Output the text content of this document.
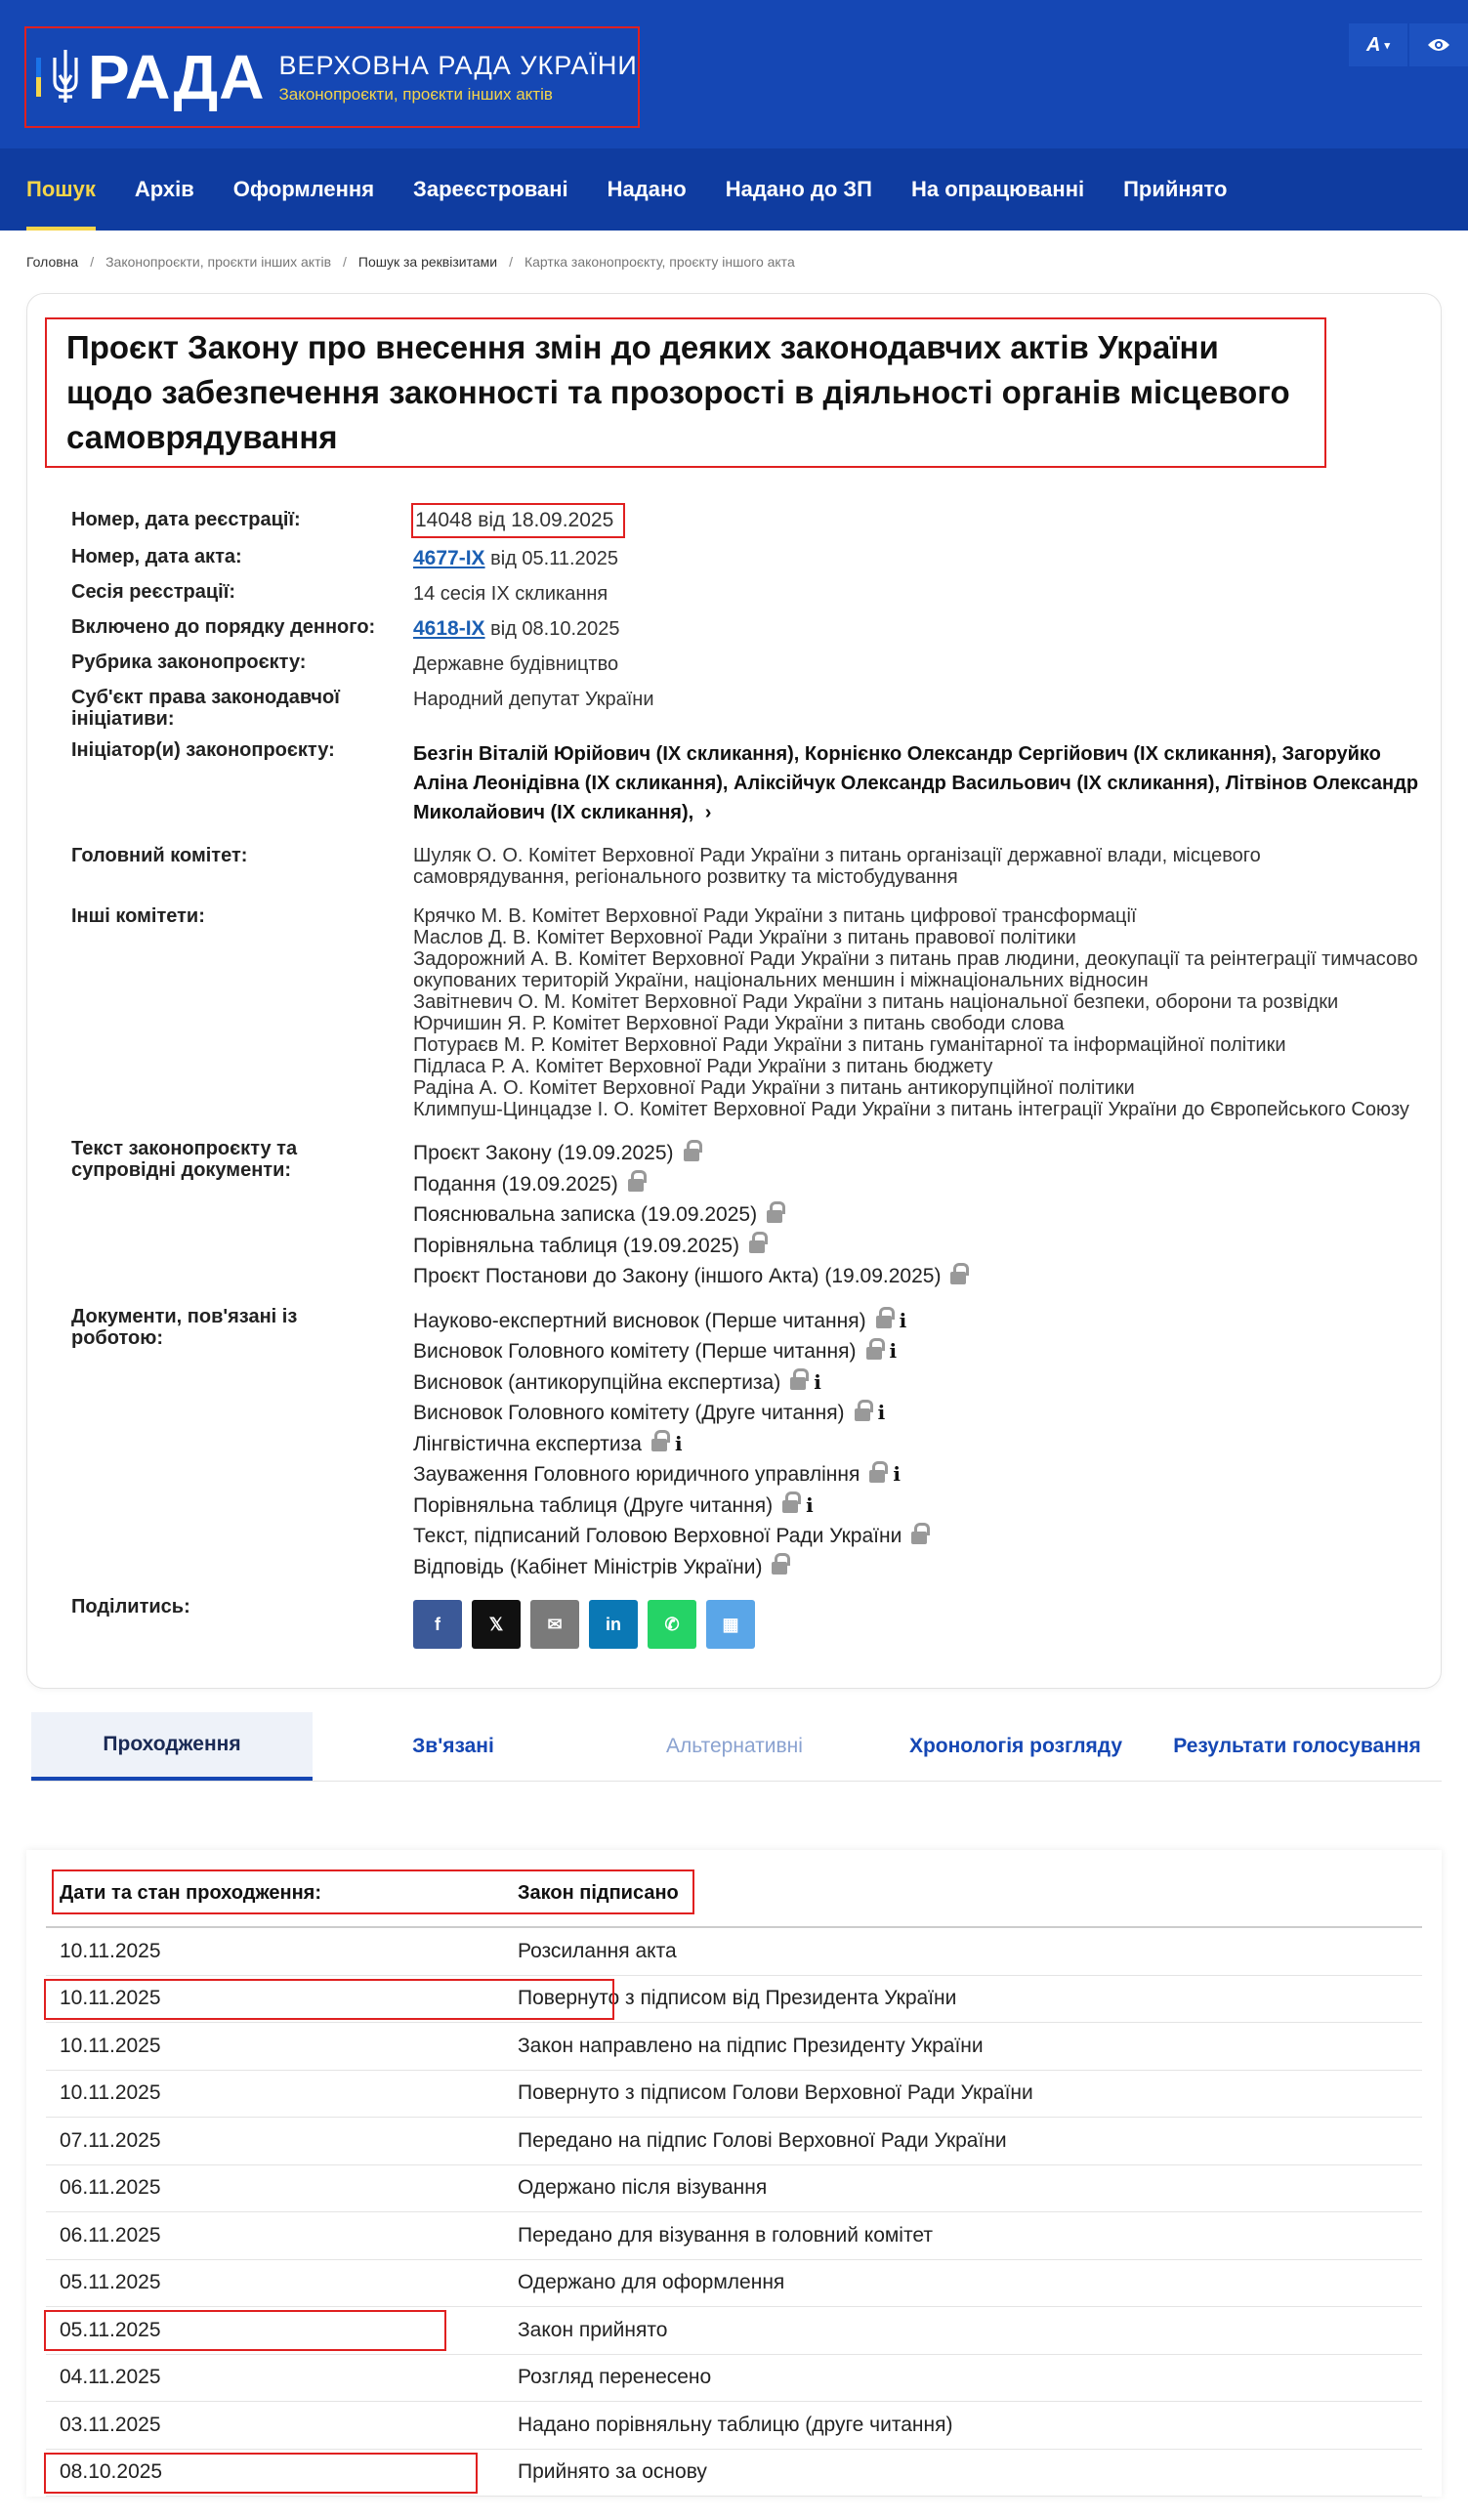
РАДА ВЕРХОВНА РАДА УКРАЇНИ
Законопроєкти, проєкти інших актів
А ▾
Пошук Архів Оформлення Зареєстровані Надано Надано до ЗП На опрацюванні Прийнято
Головна / Законопроєкти, проєкти інших актів / Пошук за реквізитами / Картка законопроєкту, проєкту іншого акта
Проєкт Закону про внесення змін до деяких законодавчих актів України щодо забезпечення законності та прозорості в діяльності органів місцевого самоврядування
Номер, дата реєстрації:	14048 від 18.09.2025
Номер, дата акта:	4677-IX від 05.11.2025
Сесія реєстрації:	14 сесія IX скликання
Включено до порядку денного:	4618-IX від 08.10.2025
Рубрика законопроєкту:	Державне будівництво
Суб'єкт права законодавчої ініціативи:
Народний депутат України
Ініціатор(и) законопроєкту:	Безгін Віталій Юрійович (IX скликання), Корнієнко Олександр Сергійович (IX скликання), Загоруйко Аліна Леонідівна (IX скликання), Аліксійчук Олександр Васильович (IX скликання), Літвінов Олександр Миколайович (IX скликання), ›
Головний комітет:	Шуляк О. О. Комітет Верховної Ради України з питань організації державної влади, місцевого самоврядування, регіонального розвитку та містобудування
Інші комітети:	Крячко М. В. Комітет Верховної Ради України з питань цифрової трансформації
Маслов Д. В. Комітет Верховної Ради України з питань правової політики
Задорожний А. В. Комітет Верховної Ради України з питань прав людини, деокупації та реінтеграції тимчасово окупованих територій України, національних меншин і міжнаціональних відносин
Завітневич О. М. Комітет Верховної Ради України з питань національної безпеки, оборони та розвідки
Юрчишин Я. Р. Комітет Верховної Ради України з питань свободи слова
Потураєв М. Р. Комітет Верховної Ради України з питань гуманітарної та інформаційної політики
Підласа Р. А. Комітет Верховної Ради України з питань бюджету
Радіна А. О. Комітет Верховної Ради України з питань антикорупційної політики
Климпуш-Цинцадзе І. О. Комітет Верховної Ради України з питань інтеграції України до Європейського Союзу
Текст законопроєкту та супровідні документи:
Проєкт Закону (19.09.2025)
Подання (19.09.2025)
Пояснювальна записка (19.09.2025)
Порівняльна таблиця (19.09.2025)
Проєкт Постанови до Закону (іншого Акта) (19.09.2025)
Документи, пов'язані із роботою:
Науково-експертний висновок (Перше читання) i
Висновок Головного комітету (Перше читання) i
Висновок (антикорупційна експертиза) i
Висновок Головного комітету (Друге читання) i
Лінгвістична експертиза i
Зауваження Головного юридичного управління i
Порівняльна таблиця (Друге читання) i
Текст, підписаний Головою Верховної Ради України
Відповідь (Кабінет Міністрів України)
Поділитись:
f	𝕏	✉ in ✆ ▦
Проходження	Зв'язані	Альтернативні	Хронологія розгляду	Результати голосування
Дати та стан проходження:	Закон підписано
10.11.2025	Розсилання акта
10.11.2025	Повернуто з підписом від Президента України
10.11.2025	Закон направлено на підпис Президенту України
10.11.2025	Повернуто з підписом Голови Верховної Ради України
07.11.2025	Передано на підпис Голові Верховної Ради України
06.11.2025	Одержано після візування
06.11.2025	Передано для візування в головний комітет
05.11.2025	Одержано для оформлення
05.11.2025	Закон прийнято
04.11.2025	Розгляд перенесено
03.11.2025	Надано порівняльну таблицю (друге читання)
08.10.2025	Прийнято за основу
